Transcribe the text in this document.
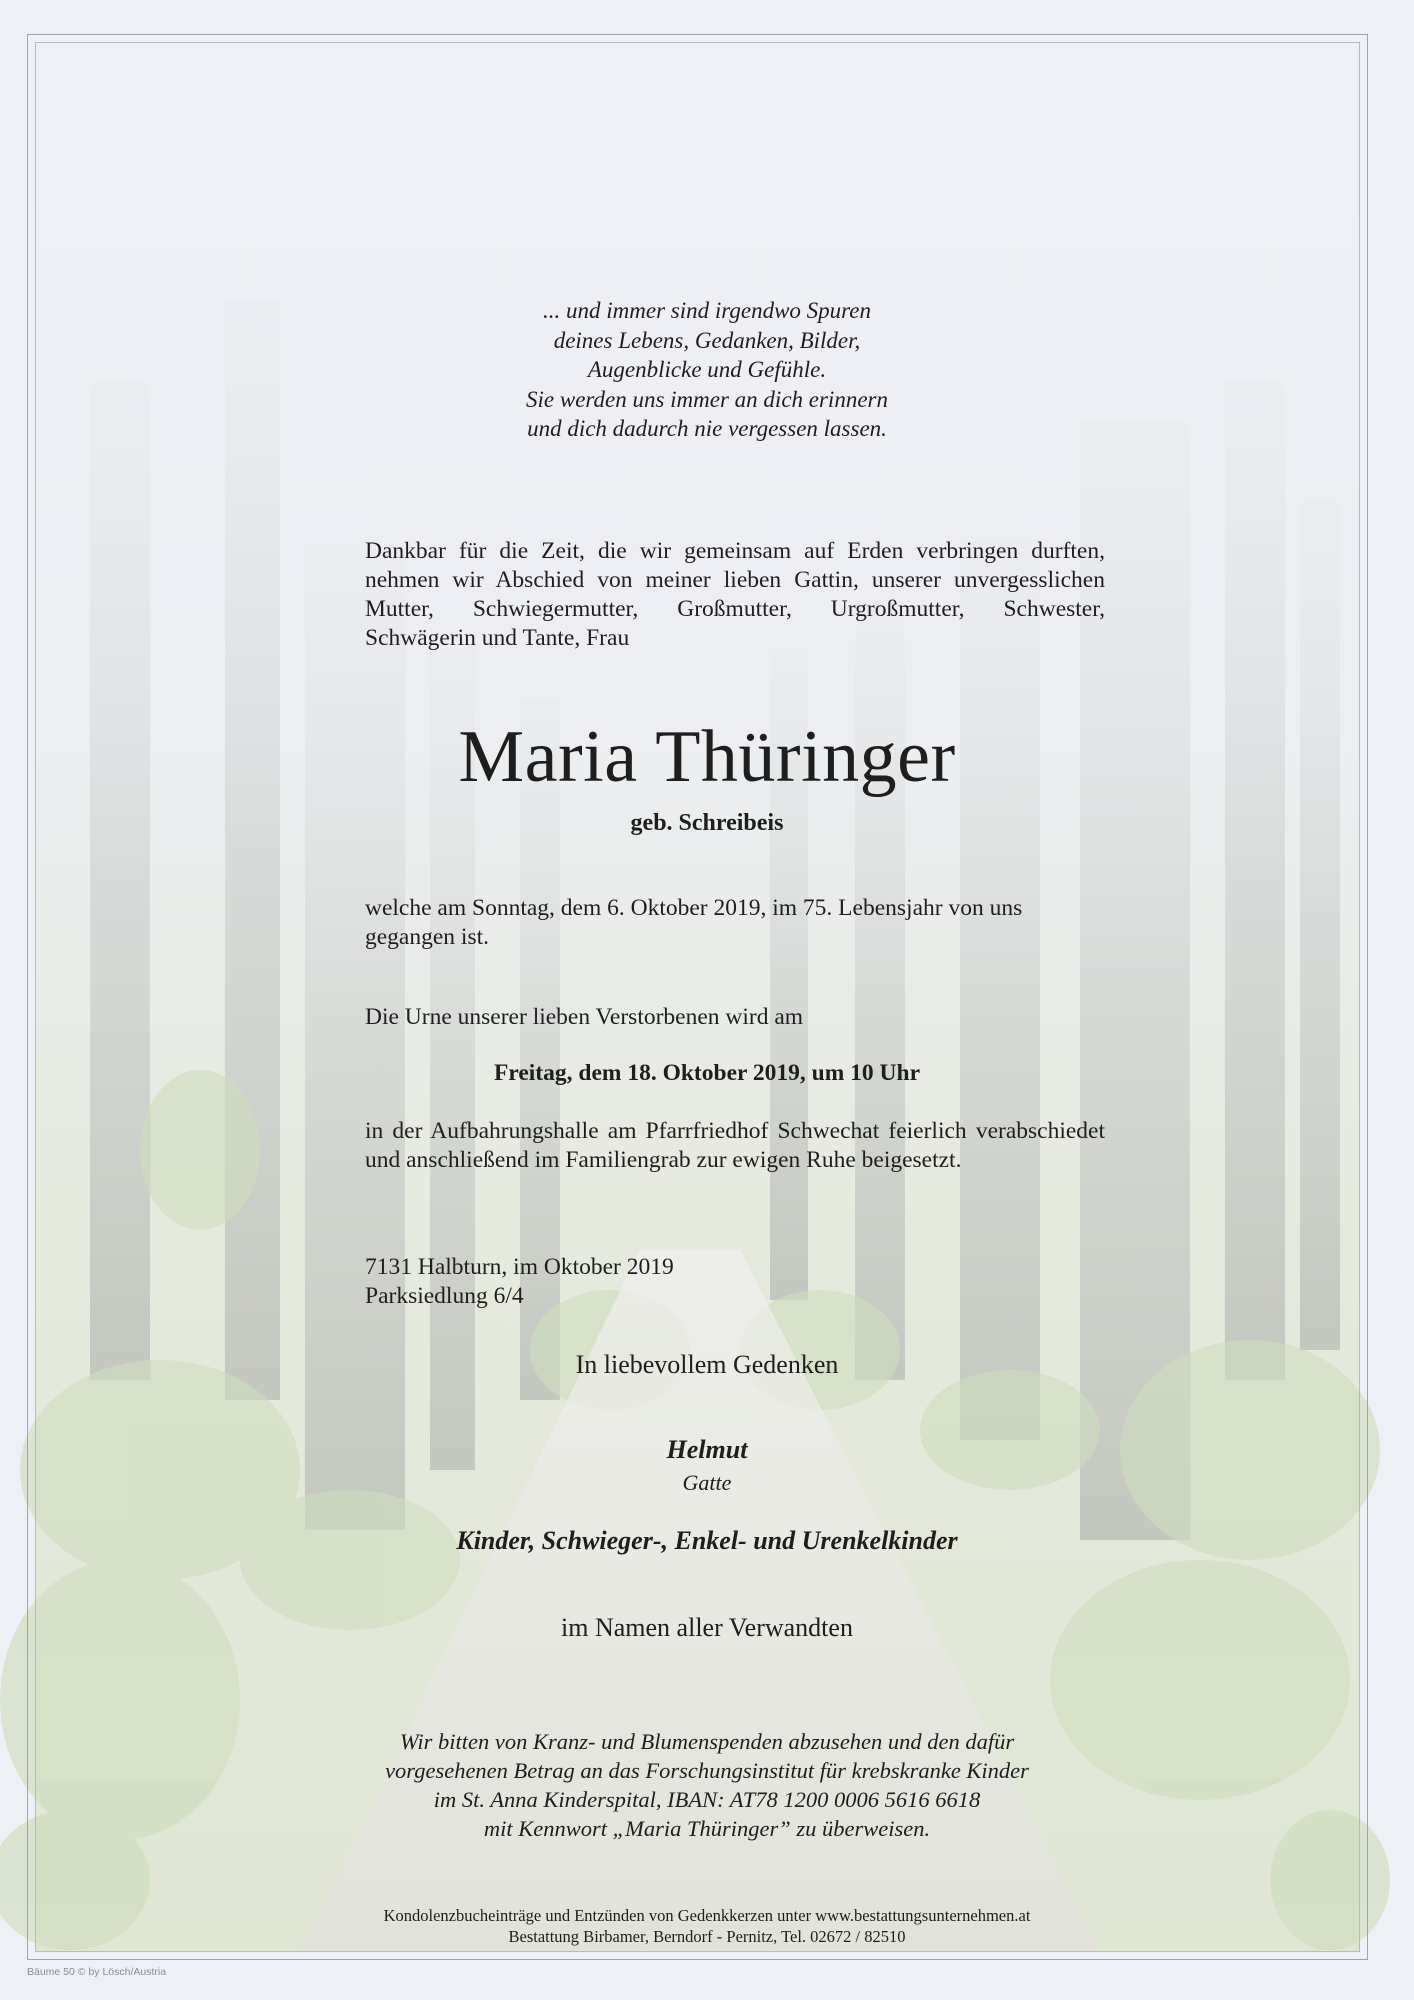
... und immer sind irgendwo Spuren
deines Lebens, Gedanken, Bilder,
Augenblicke und Gefühle.
Sie werden uns immer an dich erinnern
und dich dadurch nie vergessen lassen.
Dankbar für die Zeit, die wir gemeinsam auf Erden verbringen durften, nehmen wir Abschied von meiner lieben Gattin, unserer unvergesslichen Mutter, Schwiegermutter, Großmutter, Urgroßmutter, Schwester,
Schwägerin und Tante, Frau
Maria Thüringer
geb. Schreibeis
welche am Sonntag, dem 6. Oktober 2019, im 75. Lebensjahr von uns gegangen ist.
Die Urne unserer lieben Verstorbenen wird am
Freitag, dem 18. Oktober 2019, um 10 Uhr
in der Aufbahrungshalle am Pfarrfriedhof Schwechat feierlich verabschiedet und anschließend im Familiengrab zur ewigen Ruhe beigesetzt.
7131 Halbturn, im Oktober 2019
Parksiedlung 6/4
In liebevollem Gedenken
Helmut
Gatte
Kinder, Schwieger-, Enkel- und Urenkelkinder
im Namen aller Verwandten
Wir bitten von Kranz- und Blumenspenden abzusehen und den dafür
vorgesehenen Betrag an das Forschungsinstitut für krebskranke Kinder
im St. Anna Kinderspital, IBAN: AT78 1200 0006 5616 6618
mit Kennwort „Maria Thüringer” zu überweisen.
Kondolenzbucheinträge und Entzünden von Gedenkkerzen unter www.bestattungsunternehmen.at
Bestattung Birbamer, Berndorf - Pernitz, Tel. 02672 / 82510
Bäume 50 © by Lösch/Austria
